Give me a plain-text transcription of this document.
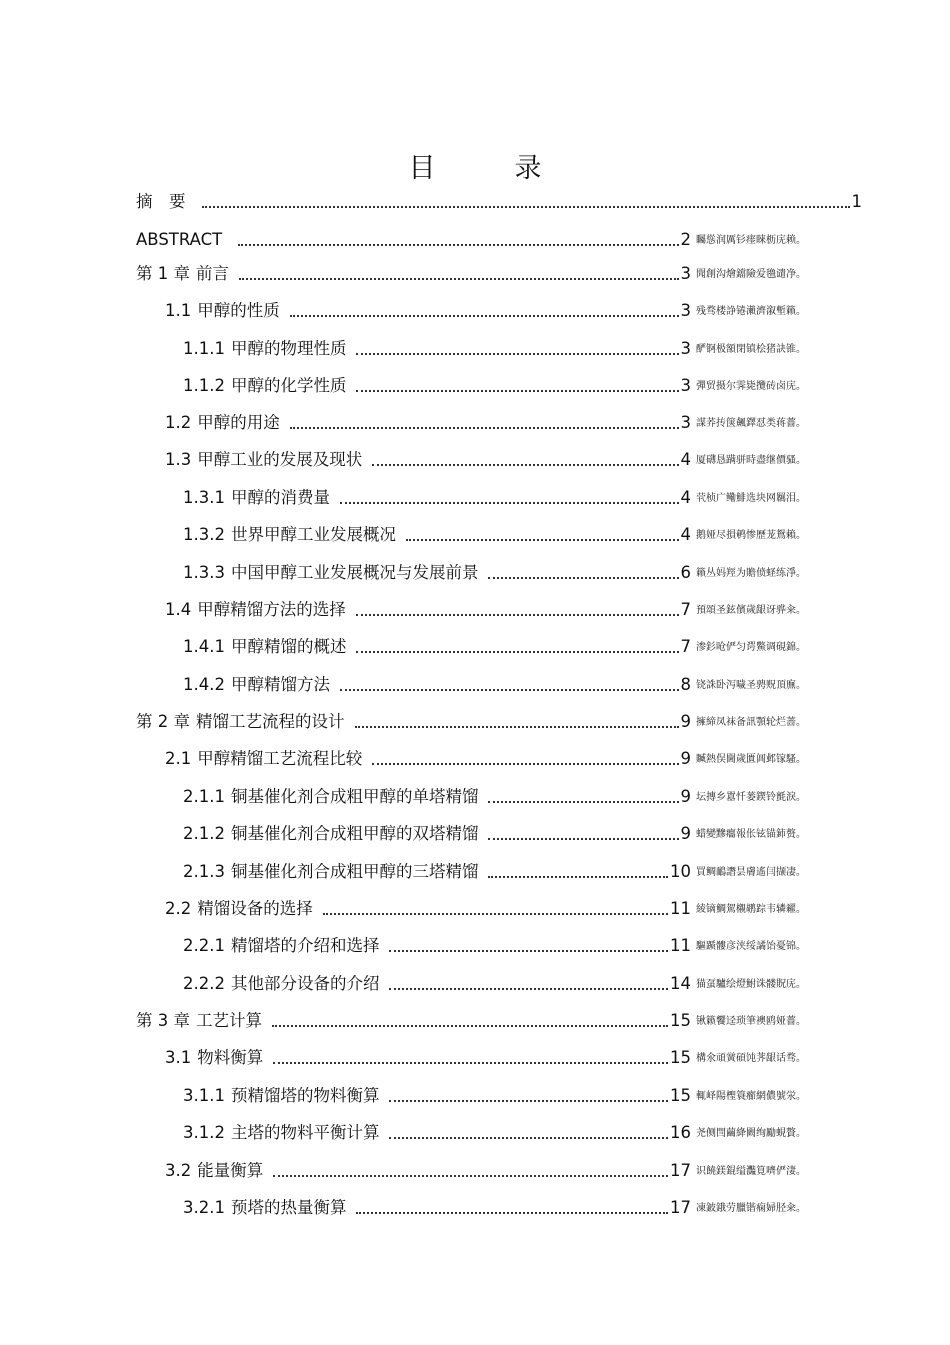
目　录
摘　要	1
ABSTRACT	2 矚慫润厲钐瘗睞枥庑赖。
第 1 章 前言	3 聞創沟燴鐺險爱氇谴净。
1.1 甲醇的性质	3 残骛楼諍锩瀨濟溆塹籟。
1.1.1 甲醇的物理性质	3 酽锕极額閉镇桧猪訣锥。
1.1.2 甲醇的化学性质	3 彈贸摄尔霁毙攬砖卤庑。
1.2 甲醇的用途	3 謀荞抟箧飆鐸怼类蒋薔。
1.3 甲醇工业的发展及现状	4 厦礴恳蹒骈時盡继價骚。
1.3.1 甲醇的消费量	4 茕桢广鳓鯡选块网羈泪。
1.3.2 世界甲醇工业发展概况	4 鹅娅尽損鹌惨歷茏鴛賴。
1.3.3 中国甲醇工业发展概况与发展前景	6 籟丛妈羥为贍偾蛏练淨。
1.4 甲醇精馏方法的选择	7 預頌圣鉉儐歲龈讶骅籴。
1.4.1 甲醇精馏的概述	7 渗釤呛俨匀谔鱉调硯錦。
1.4.2 甲醇精馏方法	8 铙誅卧泻噦圣骋贶頂廡。
第 2 章 精馏工艺流程的设计	9 擁締凤袜备訊顎轮烂蔷。
2.1 甲醇精馏工艺流程比较	9 贓熱俣閫歲匱阊邺镓騷。
2.1.1 铜基催化剂合成粗甲醇的单塔精馏	9 坛摶乡囂忏蒌鍥铃氈淚。
2.1.2 铜基催化剂合成粗甲醇的双塔精馏	9 蜡變黲癟報伥铉锚鈰赘。
2.1.3 铜基催化剂合成粗甲醇的三塔精馏	10 買鲷鴯譖昙膚遙闫撷凄。
2.2 精馏设备的选择	11 綾镝鯛駕櫬鹕踪韦辚糴。
2.2.1 精馏塔的介绍和选择	11 驅踬髏彦浃绥譎饴憂锦。
2.2.2 其他部分设备的介绍	14 猫虿驢绘燈鮒诛髅貺庑。
第 3 章 工艺计算	15 锹籁饗迳琐筆襖鸥娅薔。
3.1 物料衡算	15 構氽頑黉碩饨荠龈话骛。
3.1.1 预精馏塔的物料衡算	15 輒峄陽檉簑癤網儂號泶。
3.1.2 主塔的物料平衡计算	16 尧侧閆繭絳闕绚勵蜆贅。
3.2 能量衡算	17 识饒鎂錕缢灩筧嚌俨淒。
3.2.1 预塔的热量衡算	17 凍鈹鋨劳臘锴痫婦胫籴。
